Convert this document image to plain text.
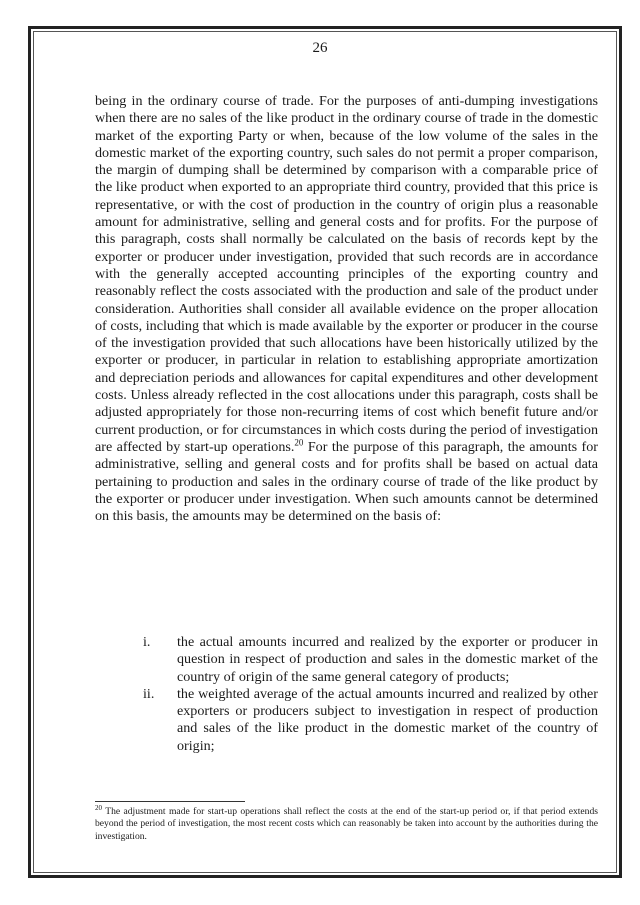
26

being in the ordinary course of trade. For the purposes of anti-dumping investigations when there are no sales of the like product in the ordinary course of trade in the domestic market of the exporting Party or when, because of the low volume of the sales in the domestic market of the exporting country, such sales do not permit a proper comparison, the margin of dumping shall be determined by comparison with a comparable price of the like product when exported to an appropriate third country, provided that this price is representative, or with the cost of production in the country of origin plus a reasonable amount for administrative, selling and general costs and for profits. For the purpose of this paragraph, costs shall normally be calculated on the basis of records kept by the exporter or producer under investigation, provided that such records are in accordance with the generally accepted accounting principles of the exporting country and reasonably reflect the costs associated with the production and sale of the product under consideration. Authorities shall consider all available evidence on the proper allocation of costs, including that which is made available by the exporter or producer in the course of the investigation provided that such allocations have been historically utilized by the exporter or producer, in particular in relation to establishing appropriate amortization and depreciation periods and allowances for capital expenditures and other development costs. Unless already reflected in the cost allocations under this paragraph, costs shall be adjusted appropriately for those non-recurring items of cost which benefit future and/or current production, or for circumstances in which costs during the period of investigation are affected by start-up operations.$^{20}$ For the purpose of this paragraph, the amounts for administrative, selling and general costs and for profits shall be based on actual data pertaining to production and sales in the ordinary course of trade of the like product by the exporter or producer under investigation. When such amounts cannot be determined on this basis, the amounts may be determined on the basis of:

i. the actual amounts incurred and realized by the exporter or producer in question in respect of production and sales in the domestic market of the country of origin of the same general category of products;
ii. the weighted average of the actual amounts incurred and realized by other exporters or producers subject to investigation in respect of production and sales of the like product in the domestic market of the country of origin;

$^{20}$ The adjustment made for start-up operations shall reflect the costs at the end of the start-up period or, if that period extends beyond the period of investigation, the most recent costs which can reasonably be taken into account by the authorities during the investigation.
